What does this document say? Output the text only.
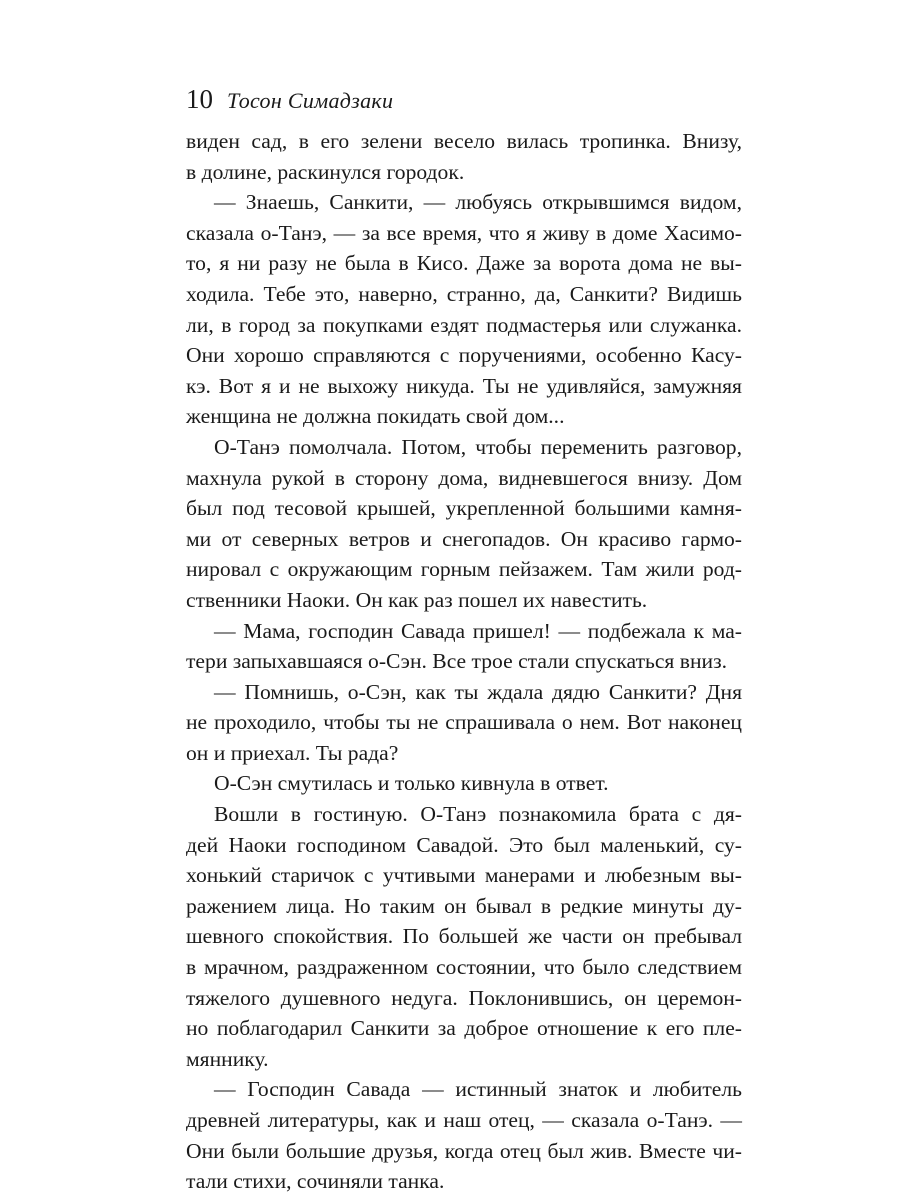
10 Тосон Симадзаки
виден сад, в его зелени весело вилась тропинка. Внизу,
в долине, раскинулся городок.
— Знаешь, Санкити, — любуясь открывшимся видом,
сказала о-Танэ, — за все время, что я живу в доме Хасимо-
то, я ни разу не была в Кисо. Даже за ворота дома не вы-
ходила. Тебе это, наверно, странно, да, Санкити? Видишь
ли, в город за покупками ездят подмастерья или служанка.
Они хорошо справляются с поручениями, особенно Касу-
кэ. Вот я и не выхожу никуда. Ты не удивляйся, замужняя
женщина не должна покидать свой дом...
О-Танэ помолчала. Потом, чтобы переменить разговор,
махнула рукой в сторону дома, видневшегося внизу. Дом
был под тесовой крышей, укрепленной большими камня-
ми от северных ветров и снегопадов. Он красиво гармо-
нировал с окружающим горным пейзажем. Там жили род-
ственники Наоки. Он как раз пошел их навестить.
— Мама, господин Савада пришел! — подбежала к ма-
тери запыхавшаяся о-Сэн. Все трое стали спускаться вниз.
— Помнишь, о-Сэн, как ты ждала дядю Санкити? Дня
не проходило, чтобы ты не спрашивала о нем. Вот наконец
он и приехал. Ты рада?
О-Сэн смутилась и только кивнула в ответ.
Вошли в гостиную. О-Танэ познакомила брата с дя-
дей Наоки господином Савадой. Это был маленький, су-
хонький старичок с учтивыми манерами и любезным вы-
ражением лица. Но таким он бывал в редкие минуты ду-
шевного спокойствия. По большей же части он пребывал
в мрачном, раздраженном состоянии, что было следствием
тяжелого душевного недуга. Поклонившись, он церемон-
но поблагодарил Санкити за доброе отношение к его пле-
мяннику.
— Господин Савада — истинный знаток и любитель
древней литературы, как и наш отец, — сказала о-Танэ. —
Они были большие друзья, когда отец был жив. Вместе чи-
тали стихи, сочиняли танка.
